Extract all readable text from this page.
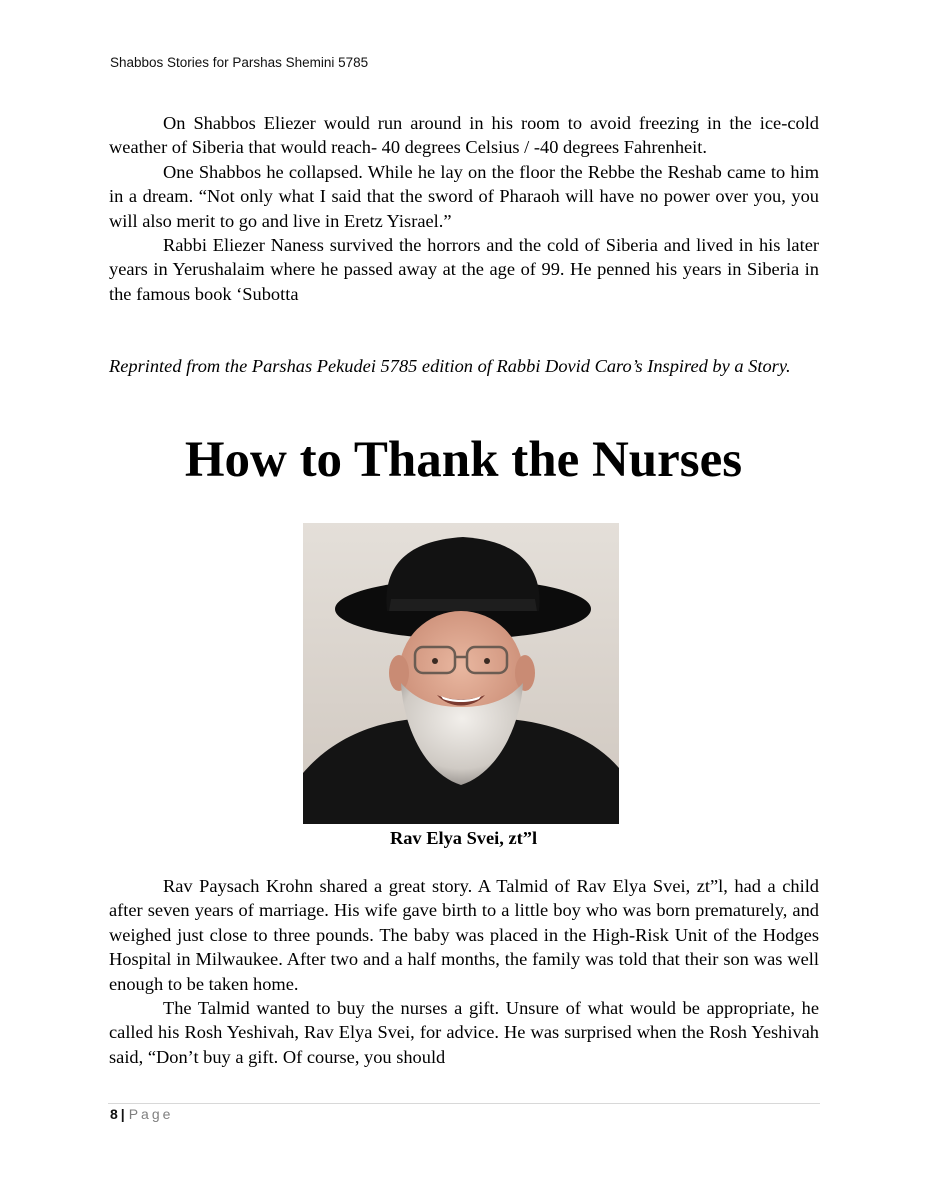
Shabbos Stories for Parshas Shemini 5785

On Shabbos Eliezer would run around in his room to avoid freezing in the ice-cold weather of Siberia that would reach- 40 degrees Celsius / -40 degrees Fahrenheit.

One Shabbos he collapsed. While he lay on the floor the Rebbe the Reshab came to him in a dream. “Not only what I said that the sword of Pharaoh will have no power over you, you will also merit to go and live in Eretz Yisrael.”

Rabbi Eliezer Naness survived the horrors and the cold of Siberia and lived in his later years in Yerushalaim where he passed away at the age of 99. He penned his years in Siberia in the famous book ‘Subotta

Reprinted from the Parshas Pekudei 5785 edition of Rabbi Dovid Caro’s Inspired by a Story.

How to Thank the Nurses
Rav Elya Svei, zt”l

Rav Paysach Krohn shared a great story. A Talmid of Rav Elya Svei, zt”l, had a child after seven years of marriage. His wife gave birth to a little boy who was born prematurely, and weighed just close to three pounds. The baby was placed in the High-Risk Unit of the Hodges Hospital in Milwaukee. After two and a half months, the family was told that their son was well enough to be taken home.

The Talmid wanted to buy the nurses a gift. Unsure of what would be appropriate, he called his Rosh Yeshivah, Rav Elya Svei, for advice. He was surprised when the Rosh Yeshivah said, “Don’t buy a gift. Of course, you should

8 | Page
